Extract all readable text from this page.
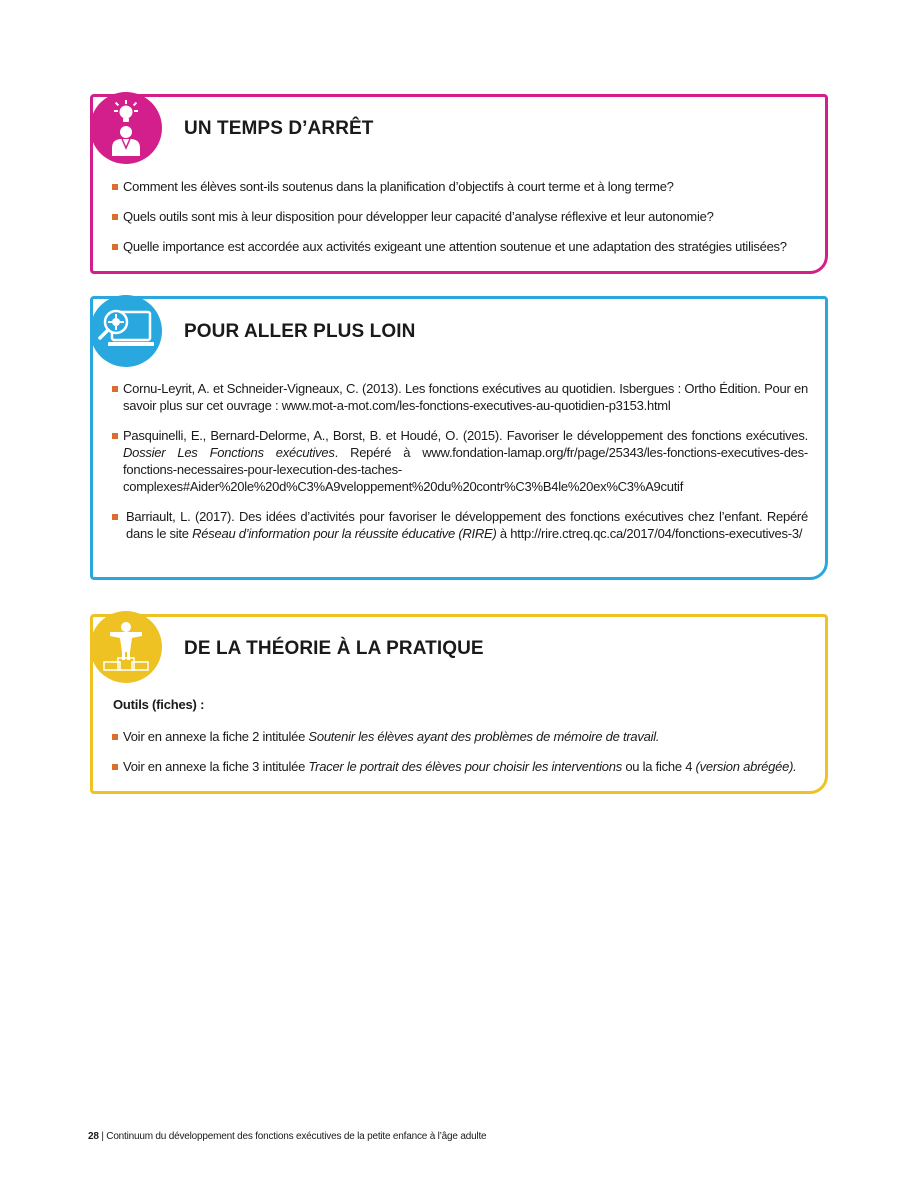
UN TEMPS D’ARRÊT
Comment les élèves sont-ils soutenus dans la planification d’objectifs à court terme et à long terme?
Quels outils sont mis à leur disposition pour développer leur capacité d’analyse réflexive et leur autonomie?
Quelle importance est accordée aux activités exigeant une attention soutenue et une adaptation des stratégies utilisées?
POUR ALLER PLUS LOIN
Cornu-Leyrit, A. et Schneider-Vigneaux, C. (2013). Les fonctions exécutives au quotidien. Isbergues : Ortho Édition. Pour en savoir plus sur cet ouvrage : www.mot-a-mot.com/les-fonctions-executives-au-quotidien-p3153.html
Pasquinelli, E., Bernard-Delorme, A., Borst, B. et Houdé, O. (2015). Favoriser le développement des fonctions exécutives. Dossier Les Fonctions exécutives. Repéré à www.fondation-lamap.org/fr/page/25343/les-fonctions-executives-des-fonctions-necessaires-pour-lexecution-des-taches-complexes#Aider%20le%20d%C3%A9veloppement%20du%20contr%C3%B4le%20ex%C3%A9cutif
Barriault, L. (2017). Des idées d’activités pour favoriser le développement des fonctions exécutives chez l’enfant. Repéré dans le site Réseau d’information pour la réussite éducative (RIRE) à http://rire.ctreq.qc.ca/2017/04/fonctions-executives-3/
DE LA THÉORIE À LA PRATIQUE

Outils (fiches) :

Voir en annexe la fiche 2 intitulée Soutenir les élèves ayant des problèmes de mémoire de travail.
Voir en annexe la fiche 3 intitulée Tracer le portrait des élèves pour choisir les interventions ou la fiche 4 (version abrégée).
28 | Continuum du développement des fonctions exécutives de la petite enfance à l’âge adulte
